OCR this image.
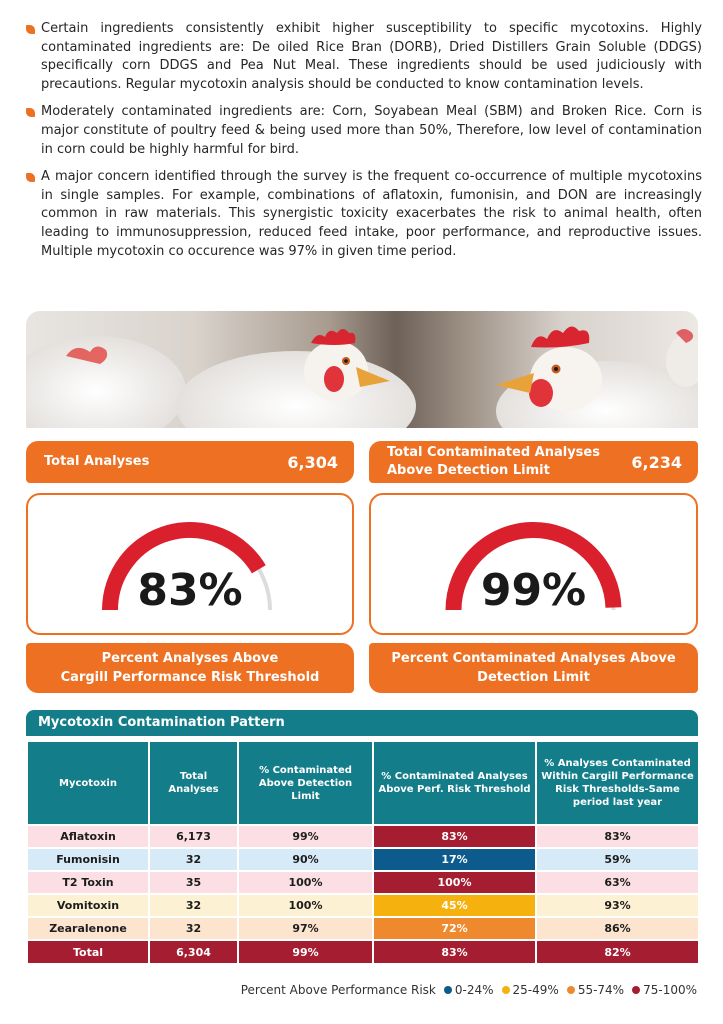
Certain ingredients consistently exhibit higher susceptibility to specific mycotoxins. Highly contaminated ingredients are: De oiled Rice Bran (DORB), Dried Distillers Grain Soluble (DDGS) specifically corn DDGS and Pea Nut Meal. These ingredients should be used judiciously with precautions. Regular mycotoxin analysis should be conducted to know contamination levels.

Moderately contaminated ingredients are: Corn, Soyabean Meal (SBM) and Broken Rice. Corn is major constitute of poultry feed & being used more than 50%, Therefore, low level of contamination in corn could be highly harmful for bird.

A major concern identified through the survey is the frequent co-occurrence of multiple mycotoxins in single samples. For example, combinations of aflatoxin, fumonisin, and DON are increasingly common in raw materials. This synergistic toxicity exacerbates the risk to animal health, often leading to immunosuppression, reduced feed intake, poor performance, and reproductive issues. Multiple mycotoxin co occurence was 97% in given time period.

Total Analyses	6,304	Total Contaminated Analyses
Above Detection Limit	6,234
83%	99%
Percent Analyses Above
Cargill Performance Risk Threshold
Percent Contaminated Analyses Above
Detection Limit
Mycotoxin Contamination Pattern
Mycotoxin	Total Analyses	% Contaminated Above Detection Limit	% Contaminated Analyses Above Perf. Risk Threshold	% Analyses Contaminated Within Cargill Performance Risk Thresholds-Same period last year
Aflatoxin	6,173	99%	83%	83%
Fumonisin	32	90%	17%	59%
T2 Toxin	35	100%	100%	63%
Vomitoxin	32	100%	45%	93%
Zearalenone	32	97%	72%	86%
Total	6,304	99%	83%	82%
Percent Above Performance Risk 0-24% 25-49% 55-74% 75-100%
